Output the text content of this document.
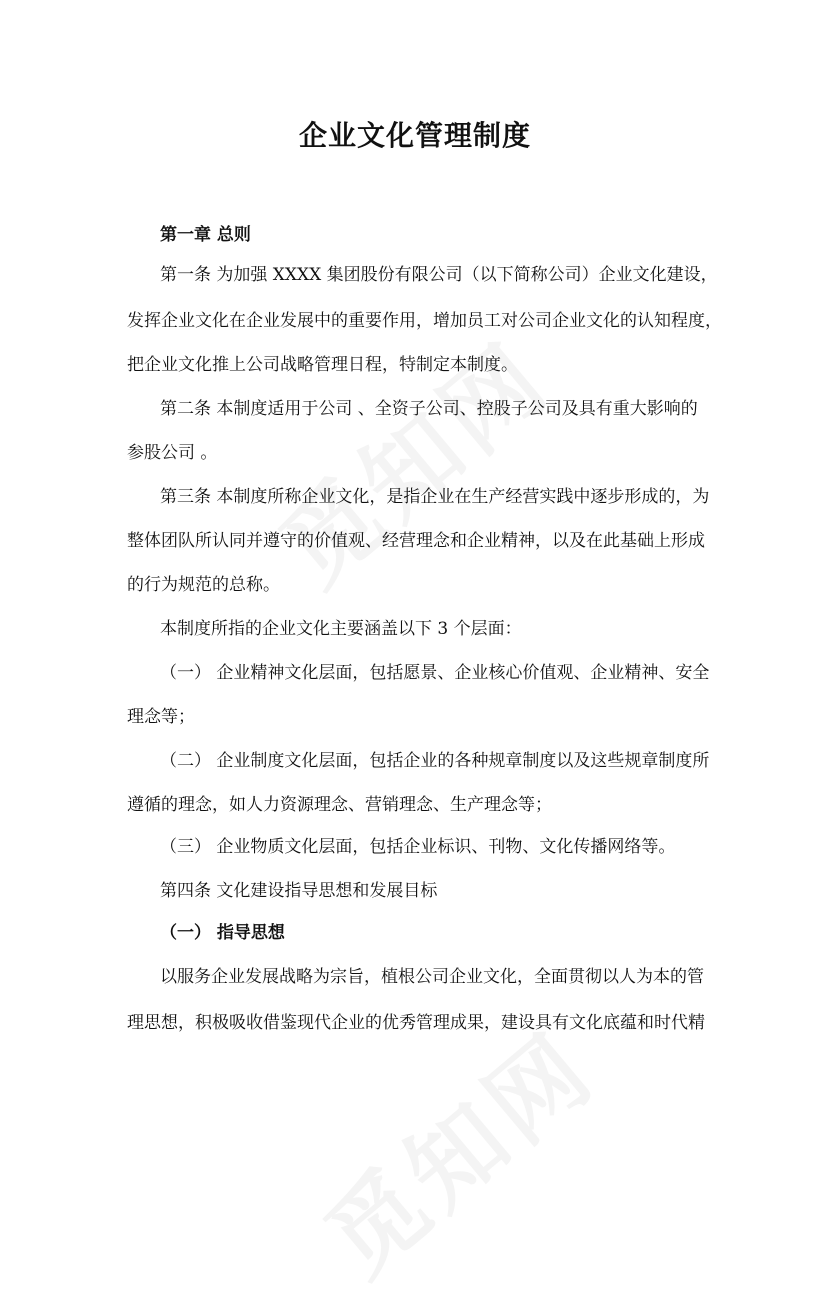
企业文化管理制度
第一章 总则
第一条 为加强 XXXX 集团股份有限公司（以下简称公司）企业文化建设，
发挥企业文化在企业发展中的重要作用，增加员工对公司企业文化的认知程度，
把企业文化推上公司战略管理日程，特制定本制度。
第二条 本制度适用于公司 、全资子公司、控股子公司及具有重大影响的
参股公司 。
第三条 本制度所称企业文化，是指企业在生产经营实践中逐步形成的，为
整体团队所认同并遵守的价值观、经营理念和企业精神，以及在此基础上形成
的行为规范的总称。
本制度所指的企业文化主要涵盖以下 3 个层面：
（一） 企业精神文化层面，包括愿景、企业核心价值观、企业精神、安全
理念等；
（二） 企业制度文化层面，包括企业的各种规章制度以及这些规章制度所
遵循的理念，如人力资源理念、营销理念、生产理念等；
（三） 企业物质文化层面，包括企业标识、刊物、文化传播网络等。
第四条 文化建设指导思想和发展目标
（一） 指导思想
以服务企业发展战略为宗旨，植根公司企业文化，全面贯彻以人为本的管
理思想，积极吸收借鉴现代企业的优秀管理成果，建设具有文化底蕴和时代精
